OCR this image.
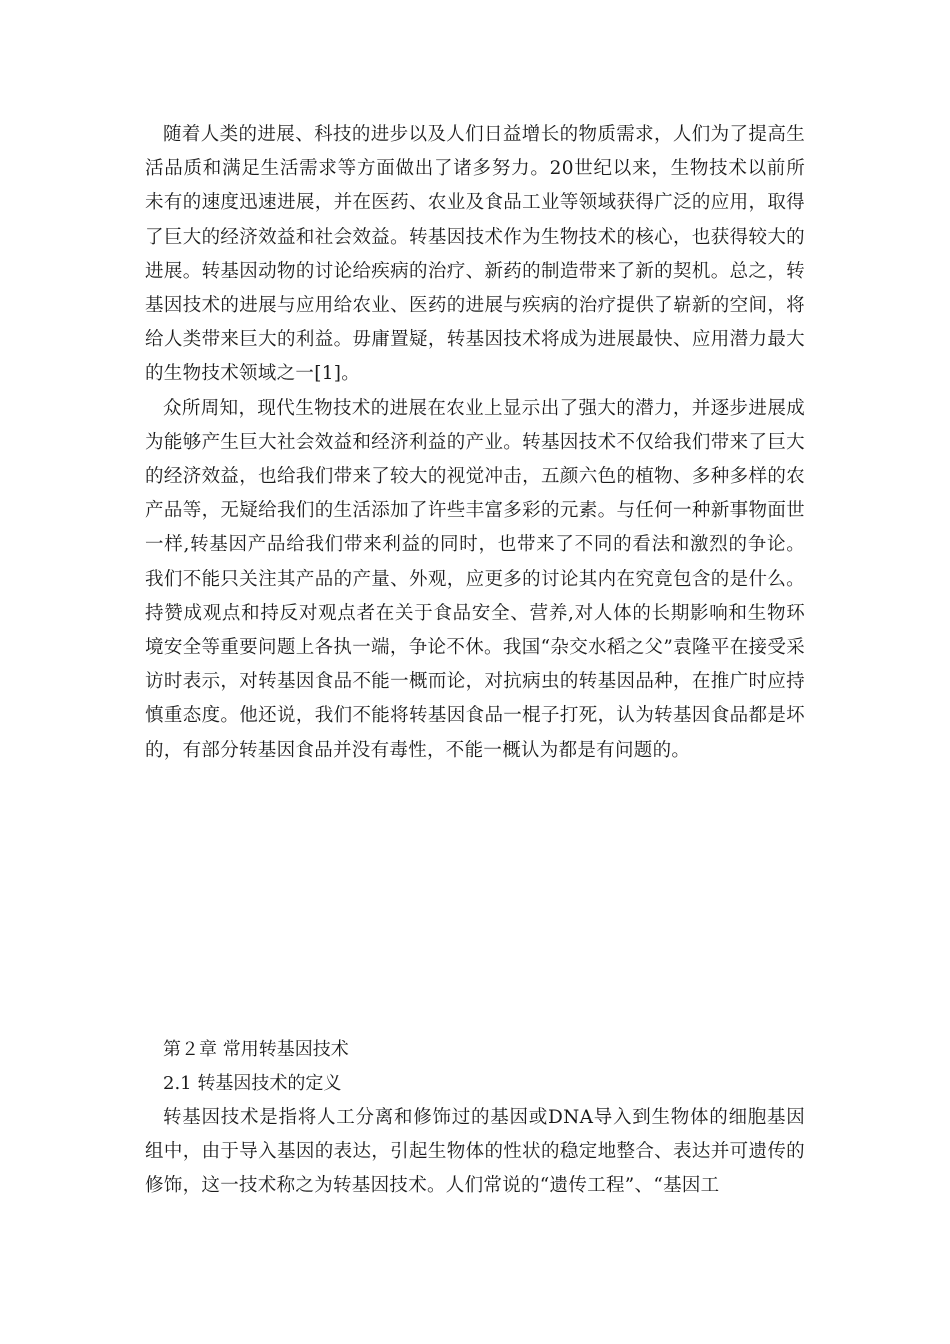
随着人类的进展、科技的进步以及人们日益增长的物质需求，人们为了提高生活品质和满足生活需求等方面做出了诸多努力。20世纪以来，生物技术以前所未有的速度迅速进展，并在医药、农业及食品工业等领域获得广泛的应用，取得了巨大的经济效益和社会效益。转基因技术作为生物技术的核心，也获得较大的进展。转基因动物的讨论给疾病的治疗、新药的制造带来了新的契机。总之，转基因技术的进展与应用给农业、医药的进展与疾病的治疗提供了崭新的空间，将给人类带来巨大的利益。毋庸置疑，转基因技术将成为进展最快、应用潜力最大的生物技术领域之一[1]。

众所周知，现代生物技术的进展在农业上显示出了强大的潜力，并逐步进展成为能够产生巨大社会效益和经济利益的产业。转基因技术不仅给我们带来了巨大的经济效益，也给我们带来了较大的视觉冲击，五颜六色的植物、多种多样的农产品等，无疑给我们的生活添加了许些丰富多彩的元素。与任何一种新事物面世一样,转基因产品给我们带来利益的同时，也带来了不同的看法和激烈的争论。我们不能只关注其产品的产量、外观，应更多的讨论其内在究竟包含的是什么。持赞成观点和持反对观点者在关于食品安全、营养,对人体的长期影响和生物环境安全等重要问题上各执一端，争论不休。我国“杂交水稻之父”袁隆平在接受采访时表示，对转基因食品不能一概而论，对抗病虫的转基因品种，在推广时应持慎重态度。他还说，我们不能将转基因食品一棍子打死，认为转基因食品都是坏的，有部分转基因食品并没有毒性，不能一概认为都是有问题的。

第２章 常用转基因技术
2.1 转基因技术的定义

转基因技术是指将人工分离和修饰过的基因或DNA导入到生物体的细胞基因组中，由于导入基因的表达，引起生物体的性状的稳定地整合、表达并可遗传的修饰，这一技术称之为转基因技术。人们常说的“遗传工程”、“基因工
